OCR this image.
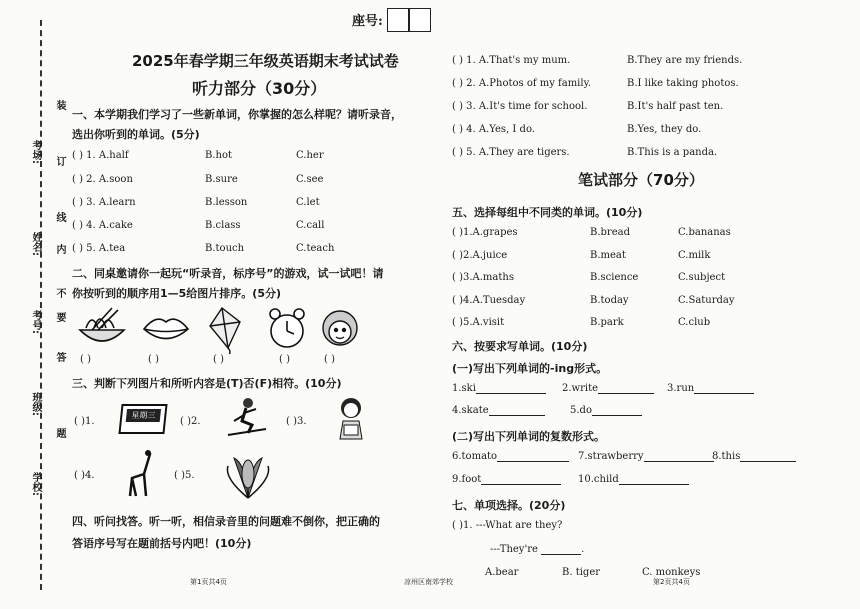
座号:
考场:
姓名:
考号:
班级:
学校:
装
订
线
内
不
要
答
题
2025年春学期三年级英语期末考试试卷
听力部分（30分）
一、本学期我们学习了一些新单词，你掌握的怎么样呢？请听录音，
选出你听到的单词。(5分)
( ) 1. A.half	B.hot	C.her
( ) 2. A.soon	B.sure	C.see
( ) 3. A.learn	B.lesson	C.let
( ) 4. A.cake	B.class	C.call
( ) 5. A.tea	B.touch	C.teach
二、同桌邀请你一起玩“听录音，标序号”的游戏，试一试吧！请
你按听到的顺序用1—5给图片排序。(5分)
( )	( )	( )	( )	( )
三、判断下列图片和所听内容是(T)否(F)相符。(10分)
( )1.
星期三
( )2.	( )3.
( )4.	( )5.
四、听问找答。听一听，相信录音里的问题难不倒你，把正确的
答语序号写在题前括号内吧！(10分)
( ) 1. A.That's my mum.	B.They are my friends.
( ) 2. A.Photos of my family.	B.I like taking photos.
( ) 3. A.It's time for school.	B.It's half past ten.
( ) 4. A.Yes, I do.	B.Yes, they do.
( ) 5. A.They are tigers.	B.This is a panda.
笔试部分（70分）
五、选择每组中不同类的单词。(10分)
( )1.A.grapes	B.bread	C.bananas
( )2.A.juice	B.meat	C.milk
( )3.A.maths	B.science	C.subject
( )4.A.Tuesday	B.today	C.Saturday
( )5.A.visit	B.park	C.club
六、按要求写单词。(10分)
(一)写出下列单词的-ing形式。
1.ski	2.write	3.run
4.skate	5.do
(二)写出下列单词的复数形式。
6.tomato	7.strawberry	8.this
9.foot	10.child
七、单项选择。(20分)
( )1. ---What are they?
---They're	.
A.bear	B. tiger	C. monkeys
第1页共4页	凉州区南郊学校	第2页共4页
